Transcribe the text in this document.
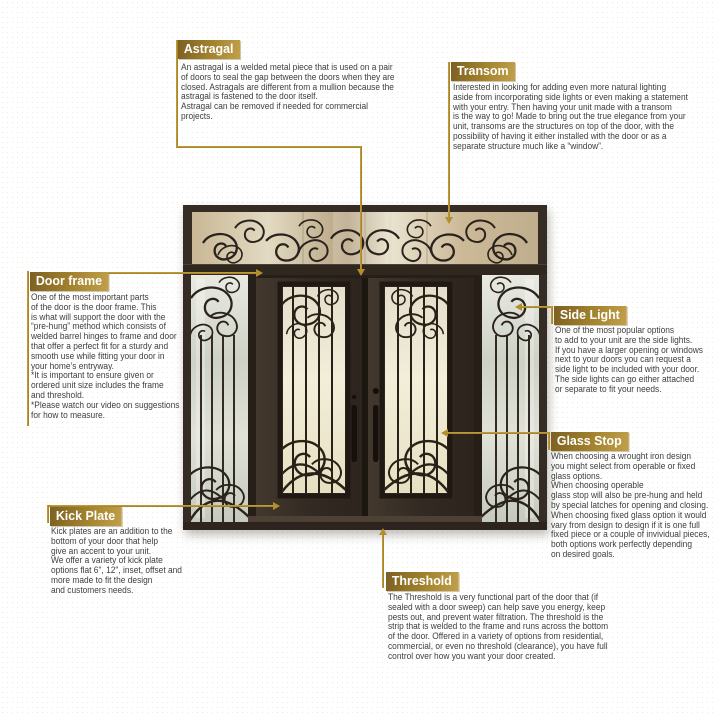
Astragal
An astragal is a welded metal piece that is used on a pair
of doors to seal the gap between the doors when they are
closed. Astragals are different from a mullion because the
astragal is fastened to the door itself.
Astragal can be removed if needed for commercial
projects.
Transom
Interested in looking for adding even more natural lighting
aside from incorporating side lights or even making a statement
with your entry. Then having your unit made with a transom
is the way to go! Made to bring out the true elegance from your
unit, transoms are the structures on top of the door, with the
possibility of having it either installed with the door or as a
separate structure much like a “window”.
Door frame
One of the most important parts
of the door is the door frame. This
is what will support the door with the
“pre-hung” method which consists of
welded barrel hinges to frame and door
that offer a perfect fit for a sturdy and
smooth use while fitting your door in
your home’s entryway.
*It is important to ensure given or
ordered unit size includes the frame
and threshold.
*Please watch our video on suggestions
for how to measure.
Side Light
One of the most popular options
to add to your unit are the side lights.
If you have a larger opening or windows
next to your doors you can request a
side light to be included with your door.
The side lights can go either attached
or separate to fit your needs.
Glass Stop
When choosing a wrought iron design
you might select from operable or fixed
glass options.
When choosing operable
glass stop will also be pre-hung and held
by special latches for opening and closing.
When choosing fixed glass option it would
vary from design to design if it is one full
fixed piece or a couple of invividual pieces,
both options work perfectly depending
on desired goals.
Kick Plate
Kick plates are an addition to the
bottom of your door that help
give an accent to your unit.
We offer a variety of kick plate
options flat 6", 12", inset, offset and
more made to fit the design
and customers needs.
Threshold
The Threshold is a very functional part of the door that (if
sealed with a door sweep) can help save you energy, keep
pests out, and prevent water filtration. The threshold is the
strip that is welded to the frame and runs across the bottom
of the door. Offered in a variety of options from residential,
commercial, or even no threshold (clearance), you have full
control over how you want your door created.
